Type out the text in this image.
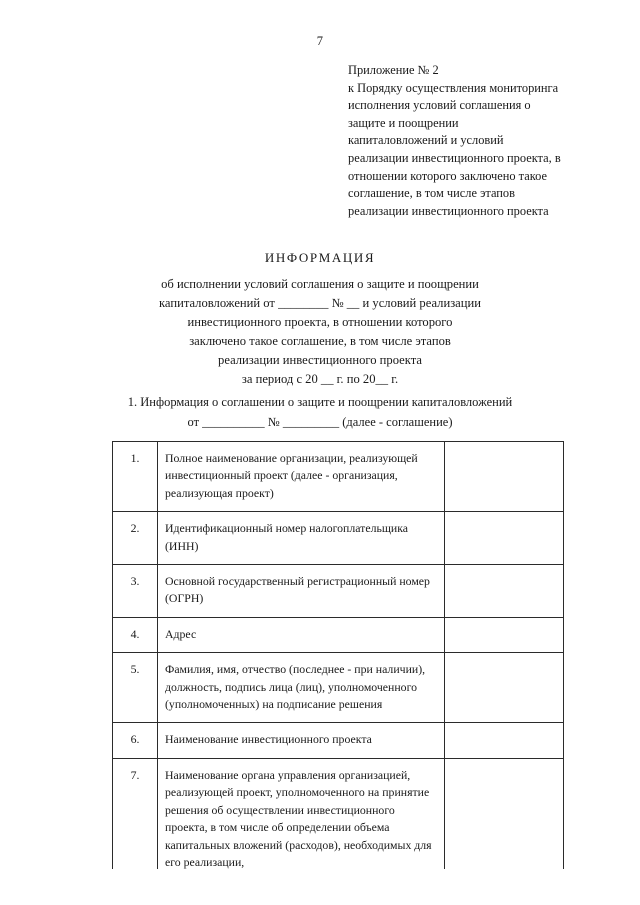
7
Приложение № 2
к Порядку осуществления мониторинга
исполнения условий соглашения о
защите и поощрении
капиталовложений и условий
реализации инвестиционного проекта, в
отношении которого заключено такое
соглашение, в том числе этапов
реализации инвестиционного проекта
ИНФОРМАЦИЯ
об исполнении условий соглашения о защите и поощрении
капиталовложений от ________ № __ и условий реализации
инвестиционного проекта, в отношении которого
заключено такое соглашение, в том числе этапов
реализации инвестиционного проекта
за период с 20 __ г. по 20__ г.
1. Информация о соглашении о защите и поощрении капиталовложений
от __________ № _________ (далее - соглашение)
1.	Полное наименование организации, реализующей инвестиционный проект (далее - организация, реализующая проект)	
2.	Идентификационный номер налогоплательщика (ИНН)	
3.	Основной государственный регистрационный номер (ОГРН)	
4.	Адрес	
5.	Фамилия, имя, отчество (последнее - при наличии), должность, подпись лица (лиц), уполномоченного (уполномоченных) на подписание решения	
6.	Наименование инвестиционного проекта	
7.	Наименование органа управления организацией, реализующей проект, уполномоченного на принятие решения об осуществлении инвестиционного проекта, в том числе об определении объема капитальных вложений (расходов), необходимых для его реализации,	
